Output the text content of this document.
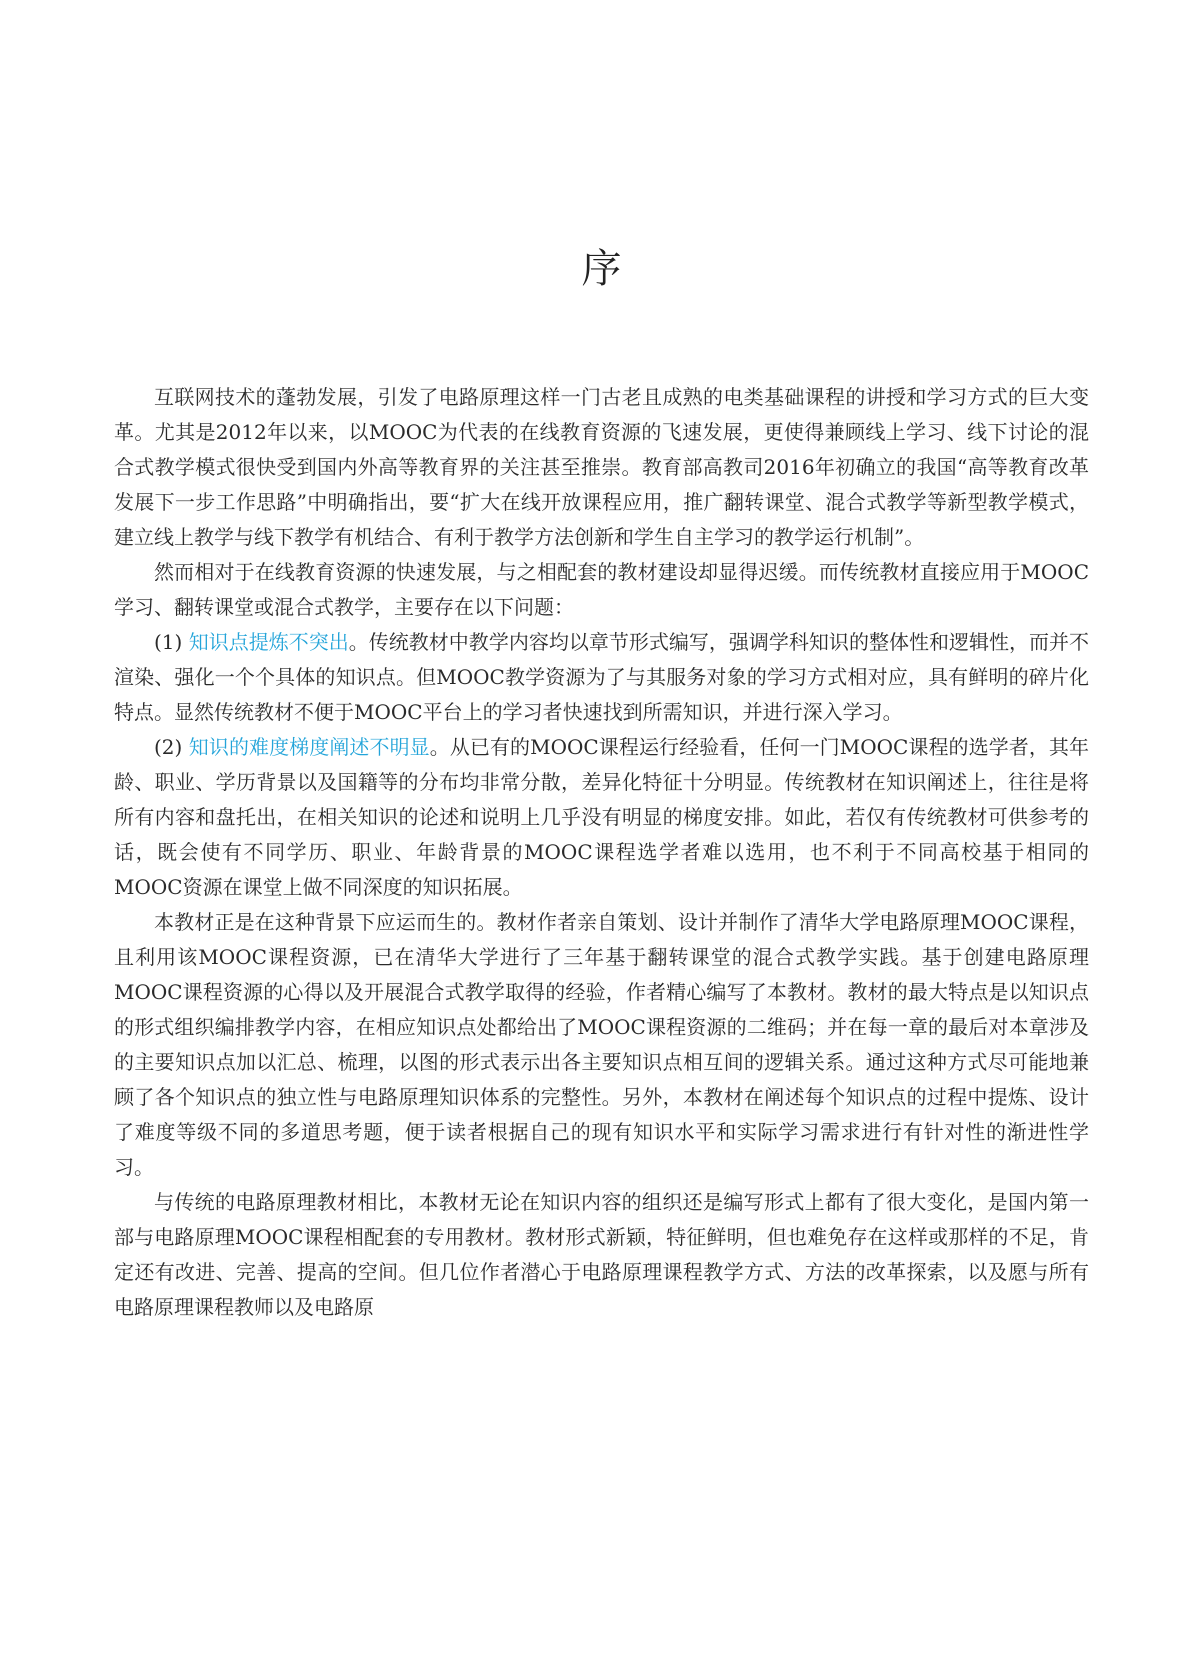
序

互联网技术的蓬勃发展，引发了电路原理这样一门古老且成熟的电类基础课程的讲授和学习方式的巨大变革。尤其是2012年以来，以MOOC为代表的在线教育资源的飞速发展，更使得兼顾线上学习、线下讨论的混合式教学模式很快受到国内外高等教育界的关注甚至推崇。教育部高教司2016年初确立的我国“高等教育改革发展下一步工作思路”中明确指出，要“扩大在线开放课程应用，推广翻转课堂、混合式教学等新型教学模式，建立线上教学与线下教学有机结合、有利于教学方法创新和学生自主学习的教学运行机制”。

然而相对于在线教育资源的快速发展，与之相配套的教材建设却显得迟缓。而传统教材直接应用于MOOC学习、翻转课堂或混合式教学，主要存在以下问题：

(1) 知识点提炼不突出。传统教材中教学内容均以章节形式编写，强调学科知识的整体性和逻辑性，而并不渲染、强化一个个具体的知识点。但MOOC教学资源为了与其服务对象的学习方式相对应，具有鲜明的碎片化特点。显然传统教材不便于MOOC平台上的学习者快速找到所需知识，并进行深入学习。

(2) 知识的难度梯度阐述不明显。从已有的MOOC课程运行经验看，任何一门MOOC课程的选学者，其年龄、职业、学历背景以及国籍等的分布均非常分散，差异化特征十分明显。传统教材在知识阐述上，往往是将所有内容和盘托出，在相关知识的论述和说明上几乎没有明显的梯度安排。如此，若仅有传统教材可供参考的话，既会使有不同学历、职业、年龄背景的MOOC课程选学者难以选用，也不利于不同高校基于相同的MOOC资源在课堂上做不同深度的知识拓展。

本教材正是在这种背景下应运而生的。教材作者亲自策划、设计并制作了清华大学电路原理MOOC课程，且利用该MOOC课程资源，已在清华大学进行了三年基于翻转课堂的混合式教学实践。基于创建电路原理MOOC课程资源的心得以及开展混合式教学取得的经验，作者精心编写了本教材。教材的最大特点是以知识点的形式组织编排教学内容，在相应知识点处都给出了MOOC课程资源的二维码；并在每一章的最后对本章涉及的主要知识点加以汇总、梳理，以图的形式表示出各主要知识点相互间的逻辑关系。通过这种方式尽可能地兼顾了各个知识点的独立性与电路原理知识体系的完整性。另外，本教材在阐述每个知识点的过程中提炼、设计了难度等级不同的多道思考题，便于读者根据自己的现有知识水平和实际学习需求进行有针对性的渐进性学习。

与传统的电路原理教材相比，本教材无论在知识内容的组织还是编写形式上都有了很大变化，是国内第一部与电路原理MOOC课程相配套的专用教材。教材形式新颖，特征鲜明，但也难免存在这样或那样的不足，肯定还有改进、完善、提高的空间。但几位作者潜心于电路原理课程教学方式、方法的改革探索，以及愿与所有电路原理课程教师以及电路原
